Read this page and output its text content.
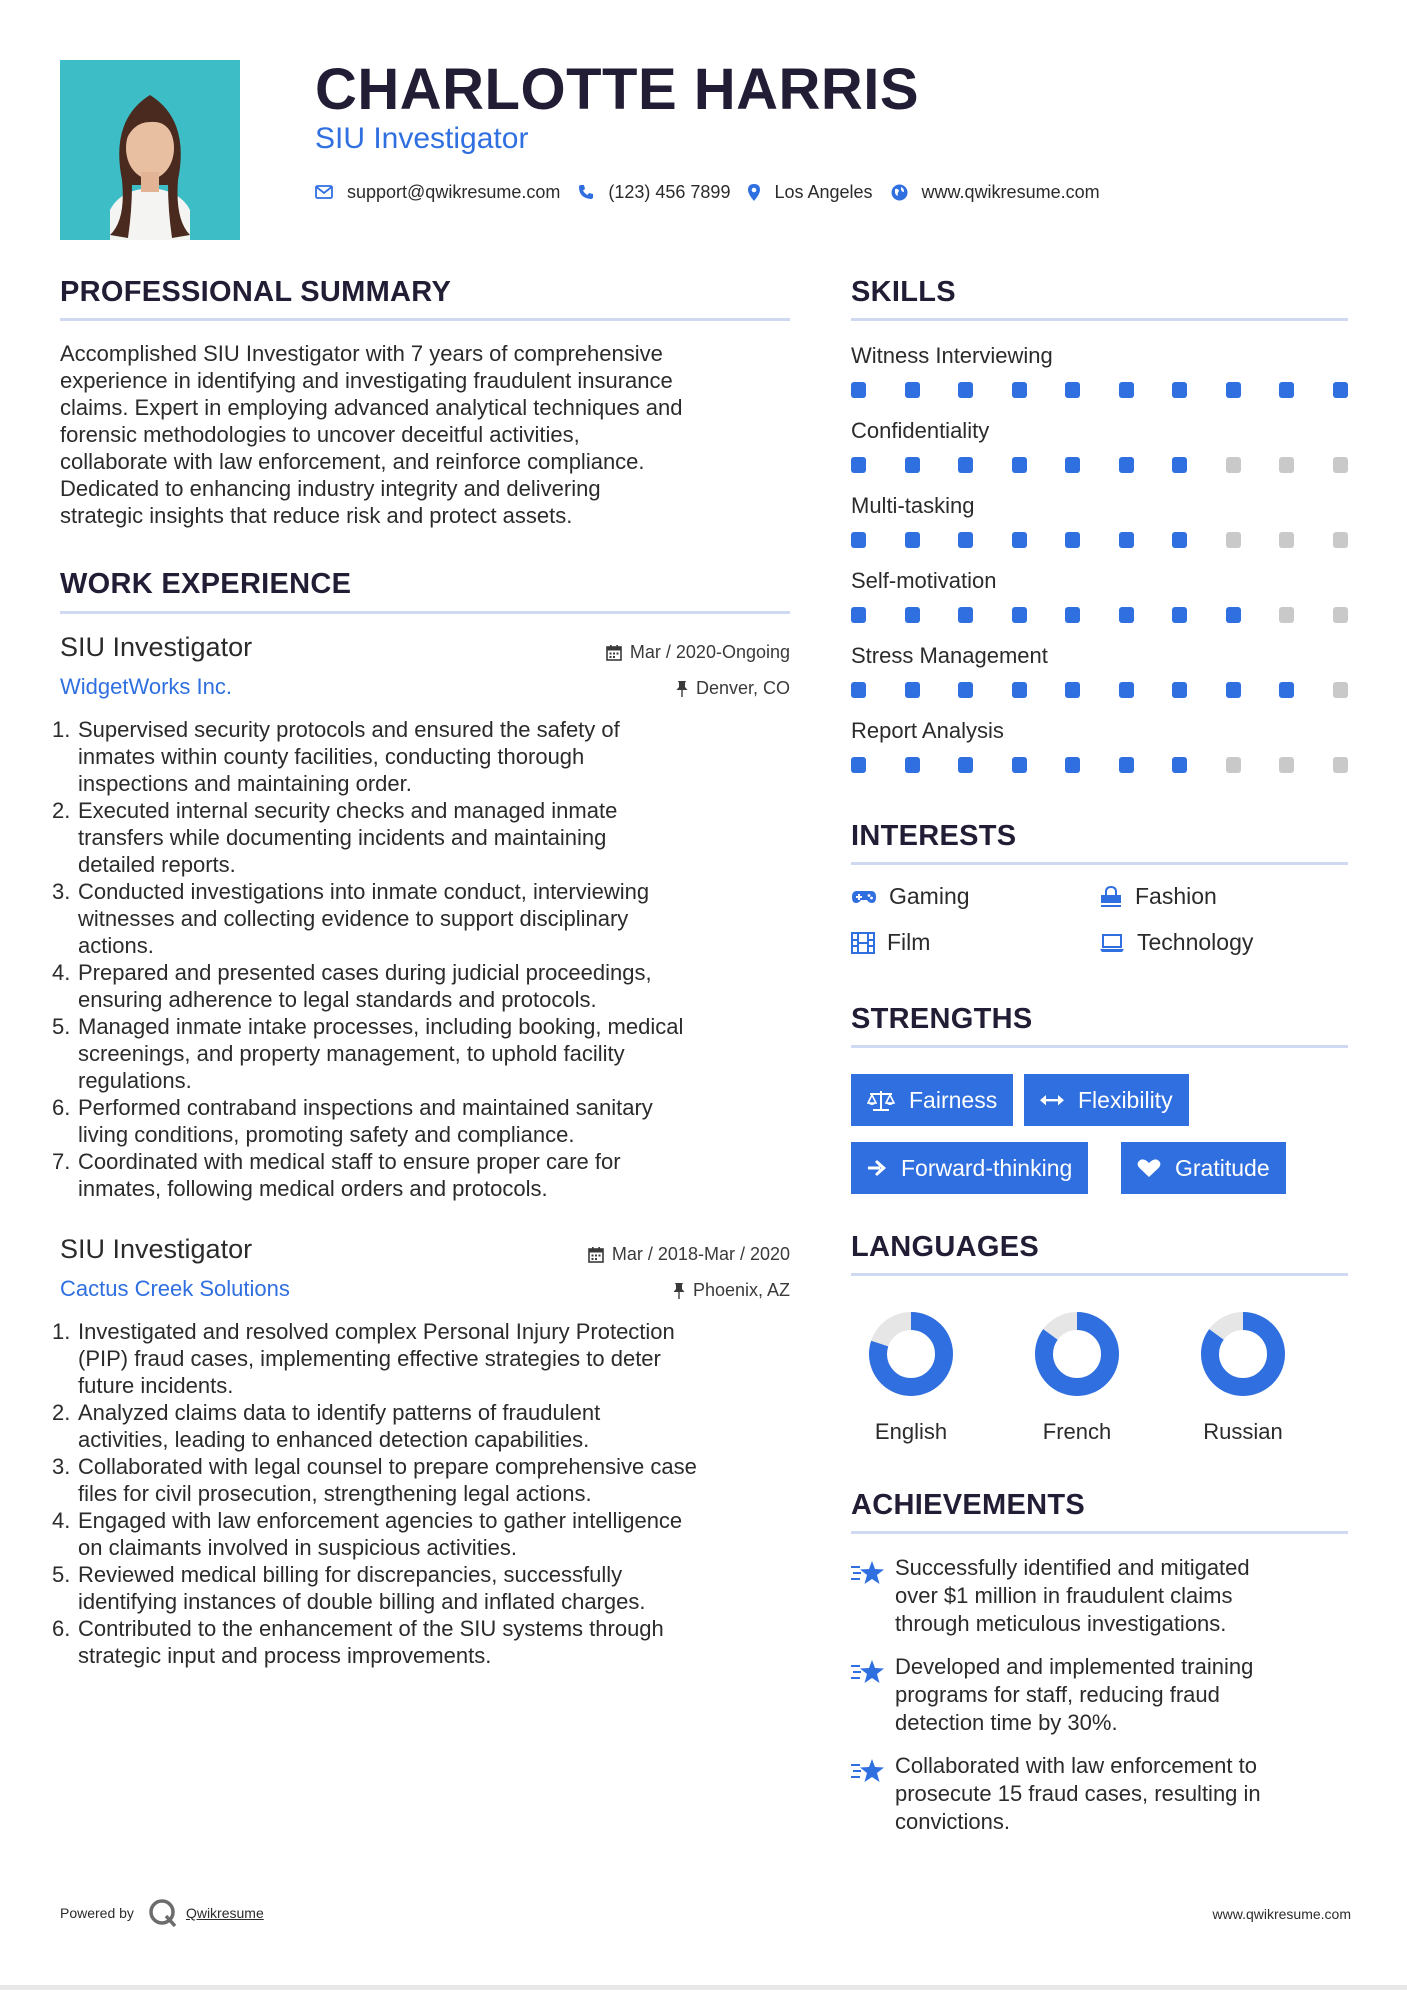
CHARLOTTE HARRIS
SIU Investigator
support@qwikresume.com	(123) 456 7899 Los Angeles	www.qwikresume.com
PROFESSIONAL SUMMARY
Accomplished SIU Investigator with 7 years of comprehensive
experience in identifying and investigating fraudulent insurance
claims. Expert in employing advanced analytical techniques and
forensic methodologies to uncover deceitful activities,
collaborate with law enforcement, and reinforce compliance.
Dedicated to enhancing industry integrity and delivering
strategic insights that reduce risk and protect assets.
WORK EXPERIENCE
SIU Investigator
WidgetWorks Inc.
Mar / 2020-Ongoing
Denver, CO
1. Supervised security protocols and ensured the safety of
inmates within county facilities, conducting thorough
inspections and maintaining order.
2. Executed internal security checks and managed inmate
transfers while documenting incidents and maintaining
detailed reports.
3. Conducted investigations into inmate conduct, interviewing
witnesses and collecting evidence to support disciplinary
actions.
4. Prepared and presented cases during judicial proceedings,
ensuring adherence to legal standards and protocols.
5. Managed inmate intake processes, including booking, medical
screenings, and property management, to uphold facility
regulations.
6. Performed contraband inspections and maintained sanitary
living conditions, promoting safety and compliance.
7. Coordinated with medical staff to ensure proper care for
inmates, following medical orders and protocols.
SIU Investigator
Cactus Creek Solutions
Mar / 2018-Mar / 2020
Phoenix, AZ
1. Investigated and resolved complex Personal Injury Protection
(PIP) fraud cases, implementing effective strategies to deter
future incidents.
2. Analyzed claims data to identify patterns of fraudulent
activities, leading to enhanced detection capabilities.
3. Collaborated with legal counsel to prepare comprehensive case
files for civil prosecution, strengthening legal actions.
4. Engaged with law enforcement agencies to gather intelligence
on claimants involved in suspicious activities.
5. Reviewed medical billing for discrepancies, successfully
identifying instances of double billing and inflated charges.
6. Contributed to the enhancement of the SIU systems through
strategic input and process improvements.
SKILLS
Witness Interviewing
Confidentiality
Multi-tasking
Self-motivation
Stress Management
Report Analysis
INTERESTS
Gaming	Fashion
Film	Technology
STRENGTHS
Fairness	Flexibility
Forward-thinking	Gratitude
LANGUAGES
English	French	Russian
ACHIEVEMENTS
Successfully identified and mitigated
over $1 million in fraudulent claims
through meticulous investigations.
Developed and implemented training
programs for staff, reducing fraud
detection time by 30%.
Collaborated with law enforcement to
prosecute 15 fraud cases, resulting in
convictions.
Powered by	Qwikresume	www.qwikresume.com
